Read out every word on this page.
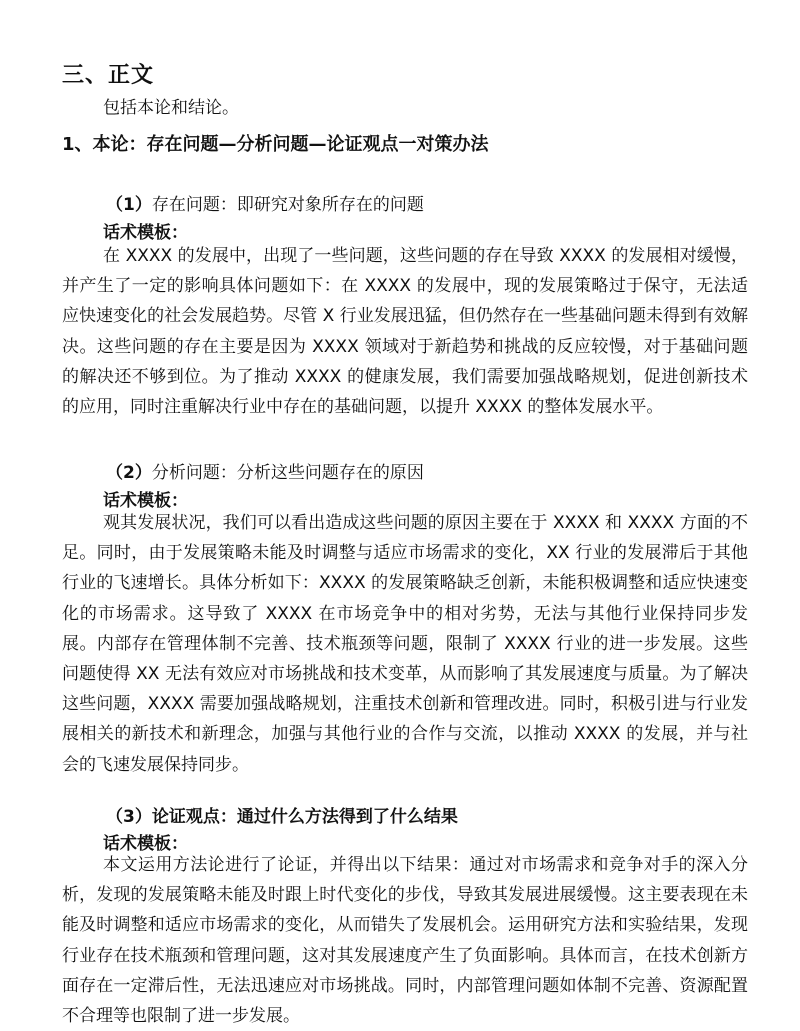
三、正文

包括本论和结论。

1、本论：存在问题—分析问题—论证观点一对策办法

（1）存在问题：即研究对象所存在的问题

话术模板：

在 XXXX 的发展中，出现了一些问题，这些问题的存在导致 XXXX 的发展相对缓慢，并产生了一定的影响具体问题如下：在 XXXX 的发展中，现的发展策略过于保守，无法适应快速变化的社会发展趋势。尽管 X 行业发展迅猛，但仍然存在一些基础问题未得到有效解决。这些问题的存在主要是因为 XXXX 领域对于新趋势和挑战的反应较慢，对于基础问题的解决还不够到位。为了推动 XXXX 的健康发展，我们需要加强战略规划，促进创新技术的应用，同时注重解决行业中存在的基础问题，以提升 XXXX 的整体发展水平。

（2）分析问题：分析这些问题存在的原因

话术模板：

观其发展状况，我们可以看出造成这些问题的原因主要在于 XXXX 和 XXXX 方面的不足。同时，由于发展策略未能及时调整与适应市场需求的变化，XX 行业的发展滞后于其他行业的飞速增长。具体分析如下：XXXX 的发展策略缺乏创新，未能积极调整和适应快速变化的市场需求。这导致了 XXXX 在市场竞争中的相对劣势，无法与其他行业保持同步发展。内部存在管理体制不完善、技术瓶颈等问题，限制了 XXXX 行业的进一步发展。这些问题使得 XX 无法有效应对市场挑战和技术变革，从而影响了其发展速度与质量。为了解决这些问题，XXXX 需要加强战略规划，注重技术创新和管理改进。同时，积极引进与行业发展相关的新技术和新理念，加强与其他行业的合作与交流，以推动 XXXX 的发展，并与社会的飞速发展保持同步。

（3）论证观点：通过什么方法得到了什么结果

话术模板：

本文运用方法论进行了论证，并得出以下结果：通过对市场需求和竞争对手的深入分析，发现的发展策略未能及时跟上时代变化的步伐，导致其发展进展缓慢。这主要表现在未能及时调整和适应市场需求的变化，从而错失了发展机会。运用研究方法和实验结果，发现行业存在技术瓶颈和管理问题，这对其发展速度产生了负面影响。具体而言，在技术创新方面存在一定滞后性，无法迅速应对市场挑战。同时，内部管理问题如体制不完善、资源配置不合理等也限制了进一步发展。
